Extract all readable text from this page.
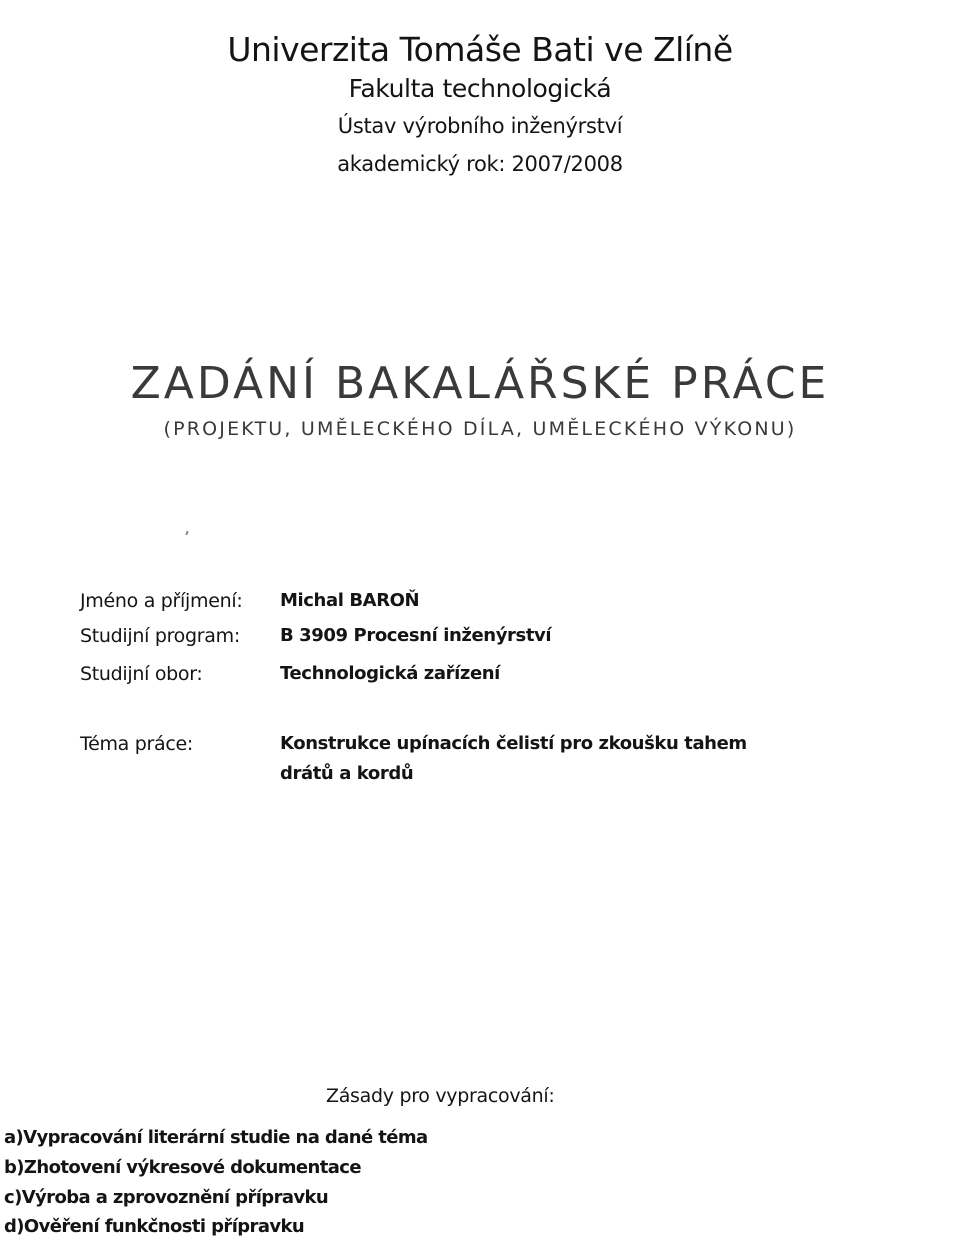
Univerzita Tomáše Bati ve Zlíně
Fakulta technologická
Ústav výrobního inženýrství
akademický rok: 2007/2008
ZADÁNÍ BAKALÁŘSKÉ PRÁCE
(PROJEKTU, UMĚLECKÉHO DÍLA, UMĚLECKÉHO VÝKONU)
Jméno a příjmení: Michal BAROŇ
Studijní program: B 3909 Procesní inženýrství
Studijní obor:	Technologická zařízení
Téma práce:	Konstrukce upínacích čelistí pro zkoušku tahem
drátů a kordů
Zásady pro vypracování:
a)Vypracování literární studie na dané téma
b)Zhotovení výkresové dokumentace
c)Výroba a zprovoznění přípravku
d)Ověření funkčnosti přípravku
